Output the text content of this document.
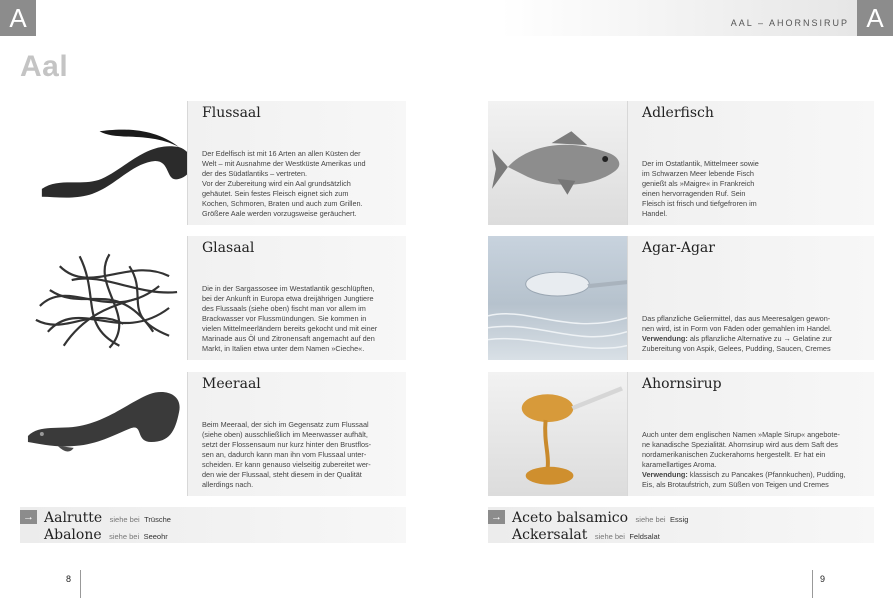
A	AAL – AHORNSIRUP A
Aal
Flussaal
Der Edelfisch ist mit 16 Arten an allen Küsten der
Welt – mit Ausnahme der Westküste Amerikas und
der des Südatlantiks – vertreten.
Vor der Zubereitung wird ein Aal grundsätzlich
gehäutet. Sein festes Fleisch eignet sich zum
Kochen, Schmoren, Braten und auch zum Grillen.
Größere Aale werden vorzugsweise geräuchert.
Glasaal
Die in der Sargassosee im Westatlantik geschlüpften,
bei der Ankunft in Europa etwa dreijährigen Jungtiere
des Flussaals (siehe oben) fischt man vor allem im
Brackwasser vor Flussmündungen. Sie kommen in
vielen Mittelmeerländern bereits gekocht und mit einer
Marinade aus Öl und Zitronensaft angemacht auf den
Markt, in Italien etwa unter dem Namen »Cieche«.
Meeraal
Beim Meeraal, der sich im Gegensatz zum Flussaal
(siehe oben) ausschließlich im Meerwasser aufhält,
setzt der Flossensaum nur kurz hinter den Brustflos-
sen an, dadurch kann man ihn vom Flussaal unter-
scheiden. Er kann genauso vielseitig zubereitet wer-
den wie der Flussaal, steht diesem in der Qualität
allerdings nach.
→ Aalrutte siehe bei Trüsche
Abalone siehe bei Seeohr
Adlerfisch
Der im Ostatlantik, Mittelmeer sowie
im Schwarzen Meer lebende Fisch
genießt als »Maigre« in Frankreich
einen hervorragenden Ruf. Sein
Fleisch ist frisch und tiefgefroren im
Handel.
Agar-Agar
Das pflanzliche Geliermittel, das aus Meeresalgen gewon-
nen wird, ist in Form von Fäden oder gemahlen im Handel.
Verwendung: als pflanzliche Alternative zu → Gelatine zur
Zubereitung von Aspik, Gelees, Pudding, Saucen, Cremes
Ahornsirup
Auch unter dem englischen Namen »Maple Sirup« angebote-
ne kanadische Spezialität. Ahornsirup wird aus dem Saft des
nordamerikanischen Zuckerahorns hergestellt. Er hat ein
karamellartiges Aroma.
Verwendung: klassisch zu Pancakes (Pfannkuchen), Pudding,
Eis, als Brotaufstrich, zum Süßen von Teigen und Cremes
→ Aceto balsamico siehe bei Essig
Ackersalat siehe bei Feldsalat
8	9
